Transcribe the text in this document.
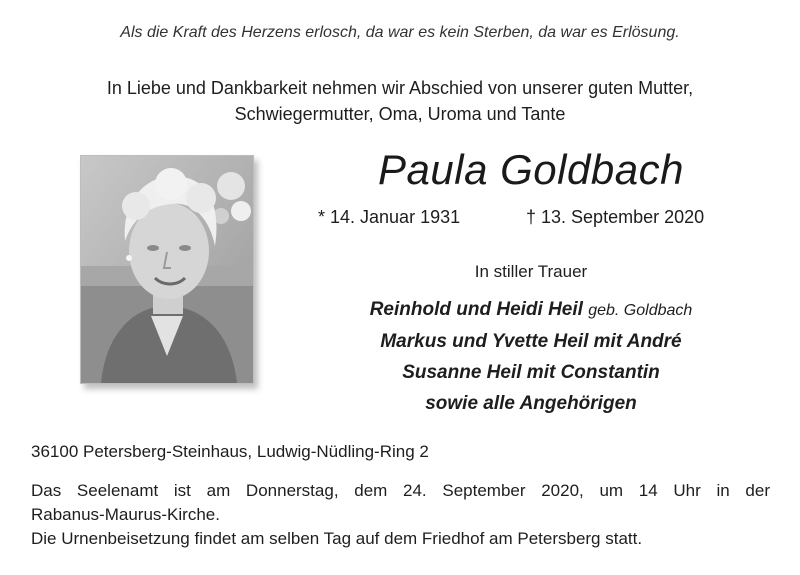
Als die Kraft des Herzens erlosch, da war es kein Sterben, da war es Erlösung.
In Liebe und Dankbarkeit nehmen wir Abschied von unserer guten Mutter,
Schwiegermutter, Oma, Uroma und Tante
Paula Goldbach
* 14. Januar 1931	† 13. September 2020
In stiller Trauer
Reinhold und Heidi Heil geb. Goldbach
Markus und Yvette Heil mit André
Susanne Heil mit Constantin
sowie alle Angehörigen
36100 Petersberg-Steinhaus, Ludwig-Nüdling-Ring 2

Das Seelenamt ist am Donnerstag, dem 24. September 2020, um 14 Uhr in der

Rabanus-Maurus-Kirche.

Die Urnenbeisetzung findet am selben Tag auf dem Friedhof am Petersberg statt.
